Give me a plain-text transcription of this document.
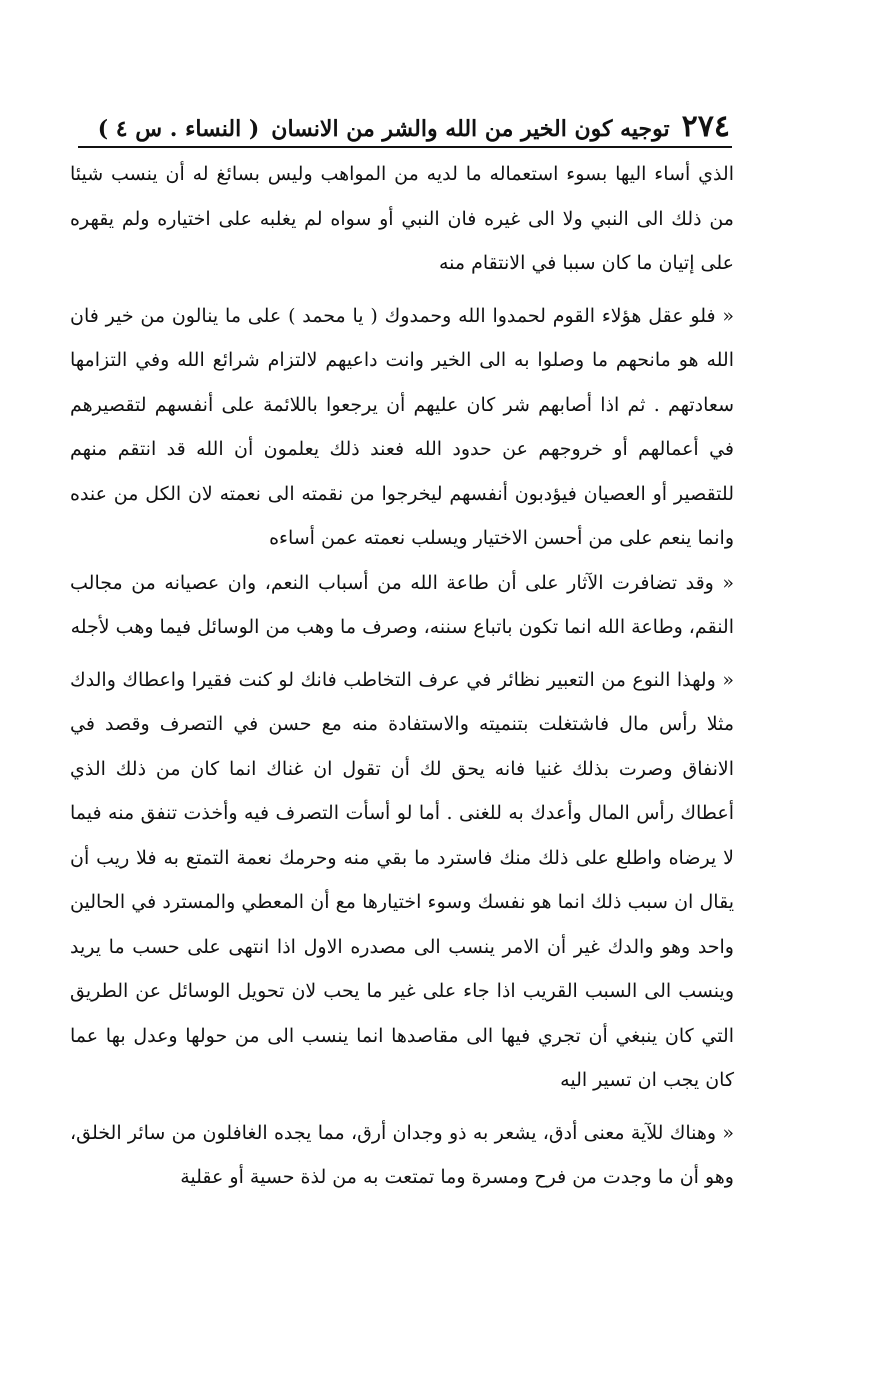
٢٧٤
توجيه كون الخير من الله والشر من الانسان
( النساء . س ٤ )

الذي أساء اليها بسوء استعماله ما لديه من المواهب وليس بسائغ له أن ينسب شيئا من ذلك الى النبي ولا الى غيره فان النبي أو سواه لم يغلبه على اختياره ولم يقهره على إتيان ما كان سببا في الانتقام منه

« فلو عقل هؤلاء القوم لحمدوا الله وحمدوك ( يا محمد ) على ما ينالون من خير فان الله هو مانحهم ما وصلوا به الى الخير وانت داعيهم لالتزام شرائع الله وفي التزامها سعادتهم . ثم اذا أصابهم شر كان عليهم أن يرجعوا باللائمة على أنفسهم لتقصيرهم في أعمالهم أو خروجهم عن حدود الله فعند ذلك يعلمون أن الله قد انتقم منهم للتقصير أو العصيان فيؤدبون أنفسهم ليخرجوا من نقمته الى نعمته لان الكل من عنده وانما ينعم على من أحسن الاختيار ويسلب نعمته عمن أساءه

« وقد تضافرت الآثار على أن طاعة الله من أسباب النعم، وان عصيانه من مجالب النقم، وطاعة الله انما تكون باتباع سننه، وصرف ما وهب من الوسائل فيما وهب لأجله

« ولهذا النوع من التعبير نظائر في عرف التخاطب فانك لو كنت فقيرا واعطاك والدك مثلا رأس مال فاشتغلت بتنميته والاستفادة منه مع حسن في التصرف وقصد في الانفاق وصرت بذلك غنيا فانه يحق لك أن تقول ان غناك انما كان من ذلك الذي أعطاك رأس المال وأعدك به للغنى . أما لو أسأت التصرف فيه وأخذت تنفق منه فيما لا يرضاه واطلع على ذلك منك فاسترد ما بقي منه وحرمك نعمة التمتع به فلا ريب أن يقال ان سبب ذلك انما هو نفسك وسوء اختيارها مع أن المعطي والمسترد في الحالين واحد وهو والدك غير أن الامر ينسب الى مصدره الاول اذا انتهى على حسب ما يريد وينسب الى السبب القريب اذا جاء على غير ما يحب لان تحويل الوسائل عن الطريق التي كان ينبغي أن تجري فيها الى مقاصدها انما ينسب الى من حولها وعدل بها عما كان يجب ان تسير اليه

« وهناك للآية معنى أدق، يشعر به ذو وجدان أرق، مما يجده الغافلون من سائر الخلق، وهو أن ما وجدت من فرح ومسرة وما تمتعت به من لذة حسية أو عقلية
